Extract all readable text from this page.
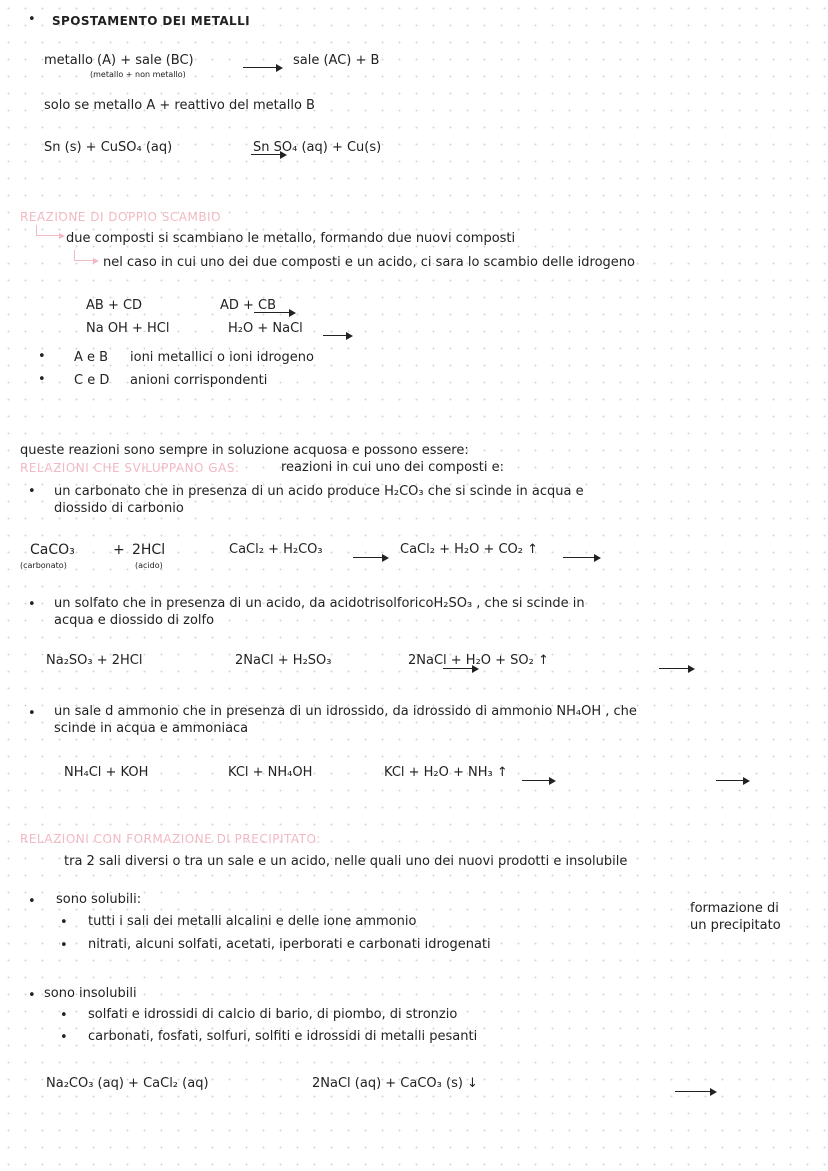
• SPOSTAMENTO DEI METALLI
metallo (A) + sale (BC)
	sale (AC) + B
(metallo + non metallo)
solo se metallo A + reattivo del metallo B
Sn (s) + CuSO₄ (aq)
	Sn SO₄ (aq) + Cu(s)
REAZIONE DI DOPPIO SCAMBIO
due composti si scambiano le metallo, formando due nuovi composti
nel caso in cui uno dei due composti e un acido, ci sara lo scambio delle idrogeno
AB + CD
	AD + CB
Na OH + HCl
	H₂O + NaCl
• A e B ioni metallici o ioni idrogeno
• C e D anioni corrispondenti
queste reazioni sono sempre in soluzione acquosa e possono essere:
RELAZIONI CHE SVILUPPANO GAS:	reazioni in cui uno dei composti e:
• un carbonato che in presenza di un acido produce H₂CO₃ che si scinde in acqua e
diossido di carbonio
CaCO₃
(carbonato)
+ 2HCl
(acido)

CaCl₂ + H₂CO₃
	CaCl₂ + H₂O + CO₂ ↑
• un solfato che in presenza di un acido, da acidotrisolforicoH₂SO₃ , che si scinde in
acqua e diossido di zolfo
Na₂SO₃ + 2HCl
	2NaCl + H₂SO₃
	2NaCl + H₂O + SO₂ ↑
• un sale d ammonio che in presenza di un idrossido, da idrossido di ammonio NH₄OH , che
scinde in acqua e ammoniaca
NH₄Cl + KOH
	KCl + NH₄OH
	KCl + H₂O + NH₃ ↑
RELAZIONI CON FORMAZIONE DI PRECIPITATO:
tra 2 sali diversi o tra un sale e un acido, nelle quali uno dei nuovi prodotti e insolubile
• sono solubili:
• tutti i sali dei metalli alcalini e delle ione ammonio
• nitrati, alcuni solfati, acetati, iperborati e carbonati idrogenati
formazione di
un precipitato
• sono insolubili
• solfati e idrossidi di calcio di bario, di piombo, di stronzio
• carbonati, fosfati, solfuri, solfiti e idrossidi di metalli pesanti
Na₂CO₃ (aq) + CaCl₂ (aq)	2NaCl (aq) + CaCO₃ (s) ↓
